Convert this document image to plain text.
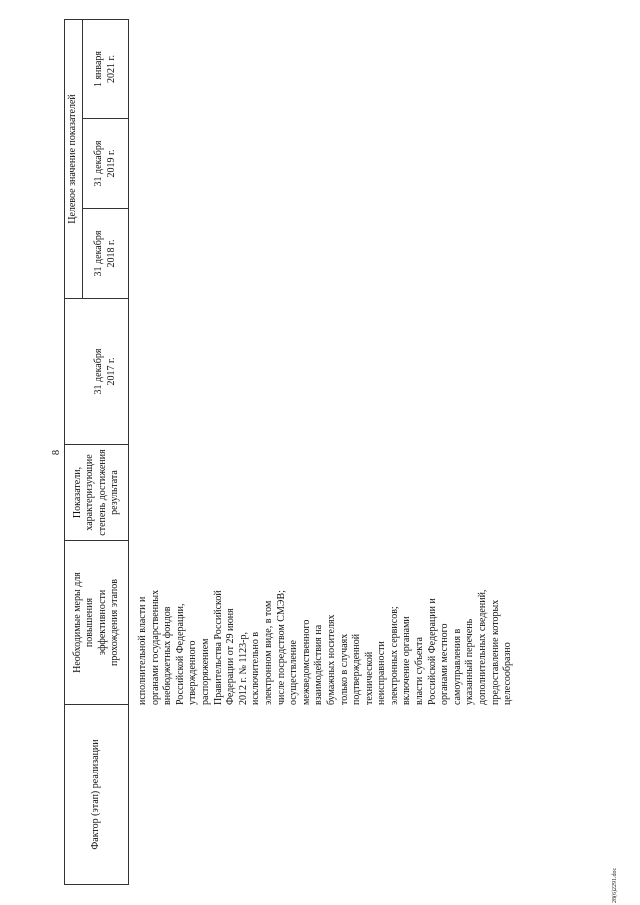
8
Фактор (этап) реализации
Необходимые меры для повышения эффективности прохождения этапов
Показатели, характеризующие степень достижения результата
Целевое значение показателей
31 декабря 2017 г.
31 декабря 2018 г.
31 декабря 2019 г.
1 января 2021 г.
исполнительной власти и органами государственных внебюджетных фондов Российской Федерации, утвержденного распоряжением Правительства Российской Федерации от 29 июня 2012 г. № 1123-р, исключительно в электронном виде, в том числе посредством СМЭВ; осуществление межведомственного взаимодействия на бумажных носителях только в случаях подтвержденной технической неисправности электронных сервисов; включение органами власти субъекта Российской Федерации и органами местного самоуправления в указанный перечень дополнительных сведений, предоставление которых целесообразно
28(6)2291.doc
